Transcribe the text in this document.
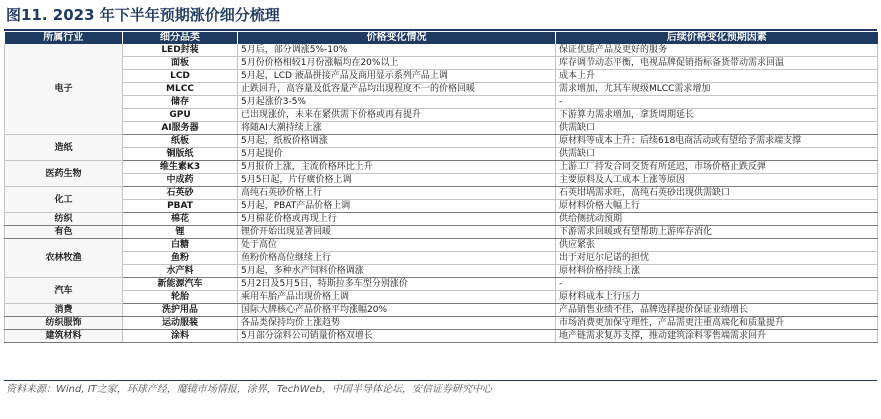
图11. 2023 年下半年预期涨价细分梳理
所属行业	细分品类	价格变化情况	后续价格变化预期因素
电子	LED封装	5月后，部分调涨5%-10%	保证优质产品及更好的服务
	面板	5月份价格相较1月份涨幅均在20%以上	库存调节动态平衡，电视品牌促销指标备货带动需求回温
	LCD	5月起，LCD 液晶拼接产品及商用显示系列产品上调	成本上升
	MLCC	止跌回升，高容量及低容量产品均出现程度不一的价格回暖	需求增加，尤其车规级MLCC需求增加
	储存	5月起涨价3-5%	-
	GPU	已出现涨价，未来在紧供需下价格或再有提升	下游算力需求增加，拿货周期延长
	AI服务器	将随AI大潮持续上涨	供需缺口
造纸	纸板	5月起，纸板价格调涨	原材料等成本上升；后续618电商活动或有望给予需求端支撑
	铜版纸	5月起提价	供需缺口
医药生物	维生素K3	5月报价上涨，主流价格环比上升	上游工厂持发合同交货有所延迟，市场价格止跌反弹
	中成药	5月5日起，片仔癀价格上调	主要原料及人工成本上涨等原因
化工	石英砂	高纯石英砂价格上行	石英坩埚需求旺，高纯石英砂出现供需缺口
	PBAT	5月起，PBAT产品价格上调	原材料价格大幅上行
纺织	棉花	5月棉花价格或再现上行	供给侧扰动预期
有色	锂	锂价开始出现显著回暖	下游需求回暖或有望帮助上游库存消化
农林牧渔	白糖	处于高位	供应紧张
	鱼粉	鱼粉价格高位继续上行	出于对厄尔尼诺的担忧
	水产料	5月起，多种水产饲料价格调涨	原材料价格持续上涨
汽车	新能源汽车	5月2日及5月5日，特斯拉多车型分别涨价	-
	轮胎	乘用车胎产品出现价格上调	原材料成本上行压力
消费	洗护用品	国际大牌核心产品价格平均涨幅20%	产品销售业绩不佳，品牌选择提价保证业绩增长
纺织服饰	运动服装	各品类保持均价上涨趋势	市场消费更加保守理性，产品需更注重高端化和质量提升
建筑材料	涂料	5月部分涂料公司销量价格双增长	地产链需求复苏支撑，推动建筑涂料零售端需求回升
资料来源：Wind, IT之家，环球产经，魔镜市场情报，涂界，TechWeb，中国半导体论坛，安信证券研究中心
